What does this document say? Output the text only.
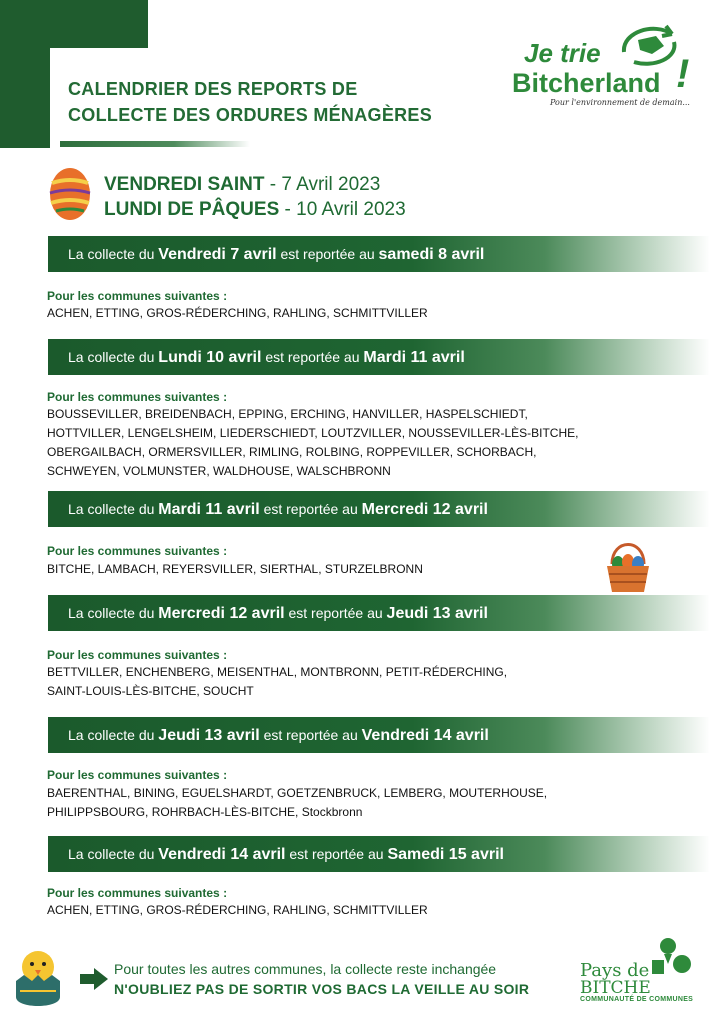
CALENDRIER DES REPORTS DE
COLLECTE DES ORDURES MÉNAGÈRES
Je trie
Bitcherland !
Pour l'environnement de demain...
VENDREDI SAINT - 7 Avril 2023
LUNDI DE PÂQUES - 10 Avril 2023
La collecte du Vendredi 7 avril est reportée au samedi 8 avril
Pour les communes suivantes :
ACHEN, ETTING, GROS-RÉDERCHING, RAHLING, SCHMITTVILLER
La collecte du Lundi 10 avril est reportée au Mardi 11 avril
Pour les communes suivantes :
BOUSSEVILLER, BREIDENBACH, EPPING, ERCHING, HANVILLER, HASPELSCHIEDT,
HOTTVILLER, LENGELSHEIM, LIEDERSCHIEDT, LOUTZVILLER, NOUSSEVILLER-LÈS-BITCHE,
OBERGAILBACH, ORMERSVILLER, RIMLING, ROLBING, ROPPEVILLER, SCHORBACH,
SCHWEYEN, VOLMUNSTER, WALDHOUSE, WALSCHBRONN
La collecte du Mardi 11 avril est reportée au Mercredi 12 avril
Pour les communes suivantes :
BITCHE, LAMBACH, REYERSVILLER, SIERTHAL, STURZELBRONN
La collecte du Mercredi 12 avril est reportée au Jeudi 13 avril
Pour les communes suivantes :
BETTVILLER, ENCHENBERG, MEISENTHAL, MONTBRONN, PETIT-RÉDERCHING,
SAINT-LOUIS-LÈS-BITCHE, SOUCHT
La collecte du Jeudi 13 avril est reportée au Vendredi 14 avril
Pour les communes suivantes :
BAERENTHAL, BINING, EGUELSHARDT, GOETZENBRUCK, LEMBERG, MOUTERHOUSE,
PHILIPPSBOURG, ROHRBACH-LÈS-BITCHE, Stockbronn
La collecte du Vendredi 14 avril est reportée au Samedi 15 avril
Pour les communes suivantes :
ACHEN, ETTING, GROS-RÉDERCHING, RAHLING, SCHMITTVILLER
Pour toutes les autres communes, la collecte reste inchangée
N'OUBLIEZ PAS DE SORTIR VOS BACS LA VEILLE AU SOIR
Pays de
BITCHE
COMMUNAUTÉ DE COMMUNES
